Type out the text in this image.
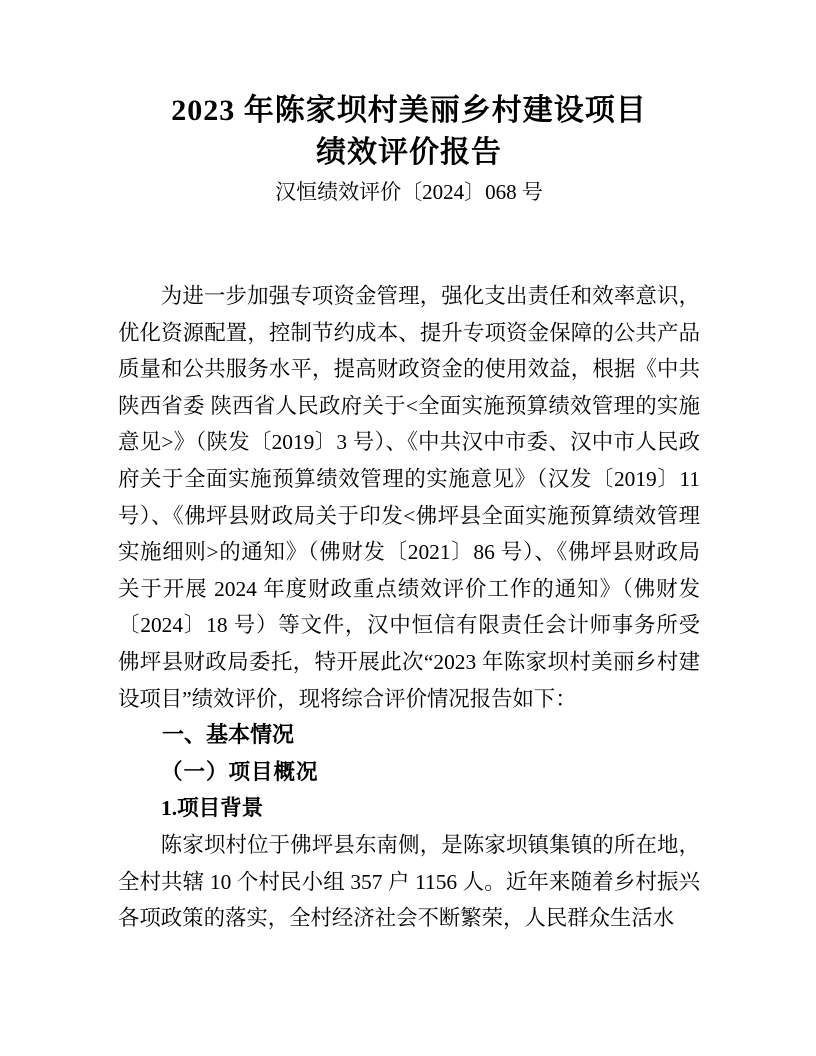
2023 年陈家坝村美丽乡村建设项目
绩效评价报告
汉恒绩效评价〔2024〕068 号

为进一步加强专项资金管理，强化支出责任和效率意识，优化资源配置，控制节约成本、提升专项资金保障的公共产品质量和公共服务水平，提高财政资金的使用效益，根据《中共陕西省委 陕西省人民政府关于<全面实施预算绩效管理的实施意见>》（陕发〔2019〕3 号）、《中共汉中市委、汉中市人民政府关于全面实施预算绩效管理的实施意见》（汉发〔2019〕11 号）、《佛坪县财政局关于印发<佛坪县全面实施预算绩效管理实施细则>的通知》（佛财发〔2021〕86 号）、《佛坪县财政局关于开展 2024 年度财政重点绩效评价工作的通知》（佛财发〔2024〕18 号）等文件，汉中恒信有限责任会计师事务所受佛坪县财政局委托，特开展此次“2023 年陈家坝村美丽乡村建设项目”绩效评价，现将综合评价情况报告如下：

一、基本情况
（一）项目概况
1.项目背景

陈家坝村位于佛坪县东南侧，是陈家坝镇集镇的所在地，全村共辖 10 个村民小组 357 户 1156 人。近年来随着乡村振兴各项政策的落实，全村经济社会不断繁荣，人民群众生活水
